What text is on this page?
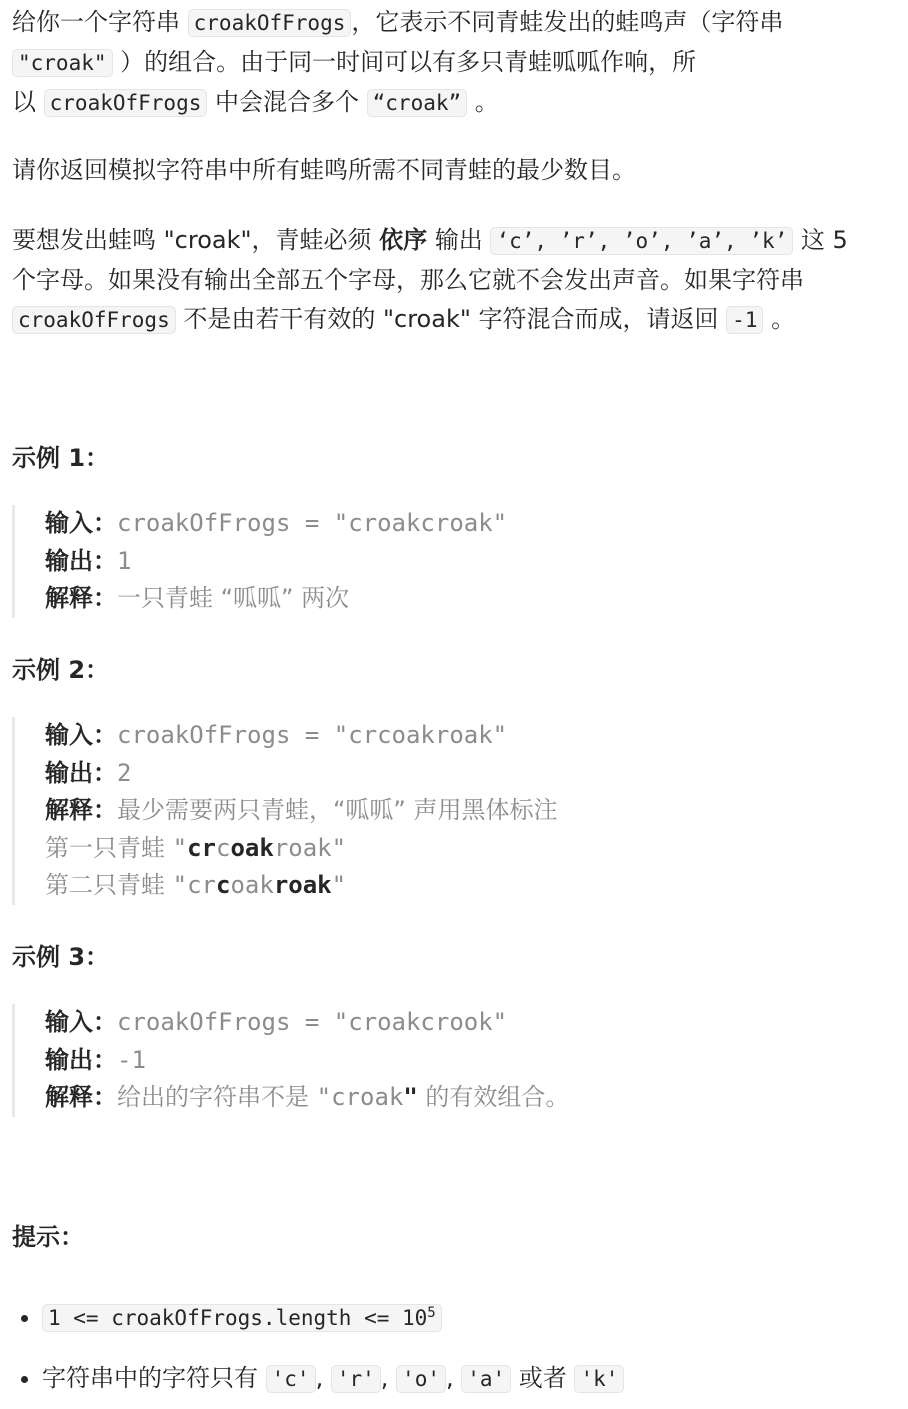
给你一个字符串 croakOfFrogs ，它表示不同青蛙发出的蛙鸣声（字符串
"croak" ）的组合。由于同一时间可以有多只青蛙呱呱作响，所
以 croakOfFrogs 中会混合多个 “croak” 。

请你返回模拟字符串中所有蛙鸣所需不同青蛙的最少数目。

要想发出蛙鸣 "croak"，青蛙必须 依序 输出 ‘c’, ’r’, ’o’, ’a’, ’k’ 这 5
个字母。如果没有输出全部五个字母，那么它就不会发出声音。如果字符串
croakOfFrogs 不是由若干有效的 "croak" 字符混合而成，请返回 -1 。

示例 1：
输入：croakOfFrogs = "croakcroak"
输出：1
解释：一只青蛙 “呱呱” 两次
示例 2：
输入：croakOfFrogs = "crcoakroak"
输出：2
解释：最少需要两只青蛙，“呱呱” 声用黑体标注
第一只青蛙 "crcoakroak"
第二只青蛙 "crcoakroak"
示例 3：
输入：croakOfFrogs = "croakcrook"
输出：-1
解释：给出的字符串不是 "croak" 的有效组合。
提示：
• 1 <= croakOfFrogs.length <= $10^5$
• 字符串中的字符只有 'c' , 'r' , 'o' , 'a' 或者 'k'
